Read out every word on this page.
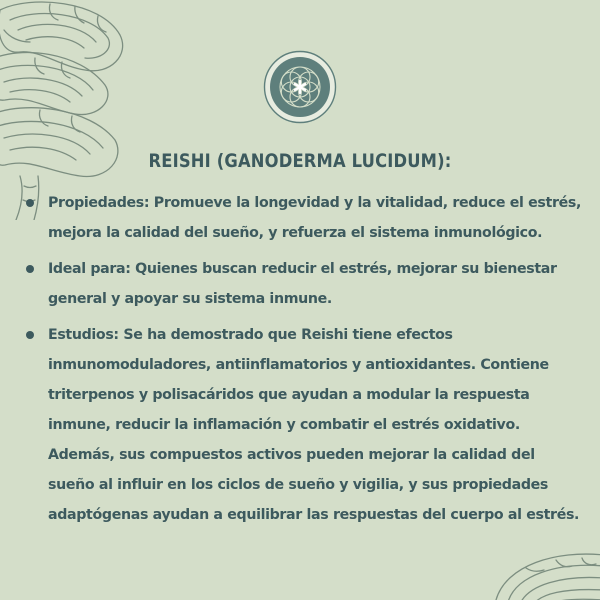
REISHI (GANODERMA LUCIDUM):
Propiedades: Promueve la longevidad y la vitalidad, reduce el estrés, mejora la calidad del sueño, y refuerza el sistema inmunológico.
Ideal para: Quienes buscan reducir el estrés, mejorar su bienestar general y apoyar su sistema inmune.
Estudios: Se ha demostrado que Reishi tiene efectos inmunomoduladores, antiinflamatorios y antioxidantes. Contiene triterpenos y polisacáridos que ayudan a modular la respuesta inmune, reducir la inflamación y combatir el estrés oxidativo. Además, sus compuestos activos pueden mejorar la calidad del sueño al influir en los ciclos de sueño y vigilia, y sus propiedades adaptógenas ayudan a equilibrar las respuestas del cuerpo al estrés.
